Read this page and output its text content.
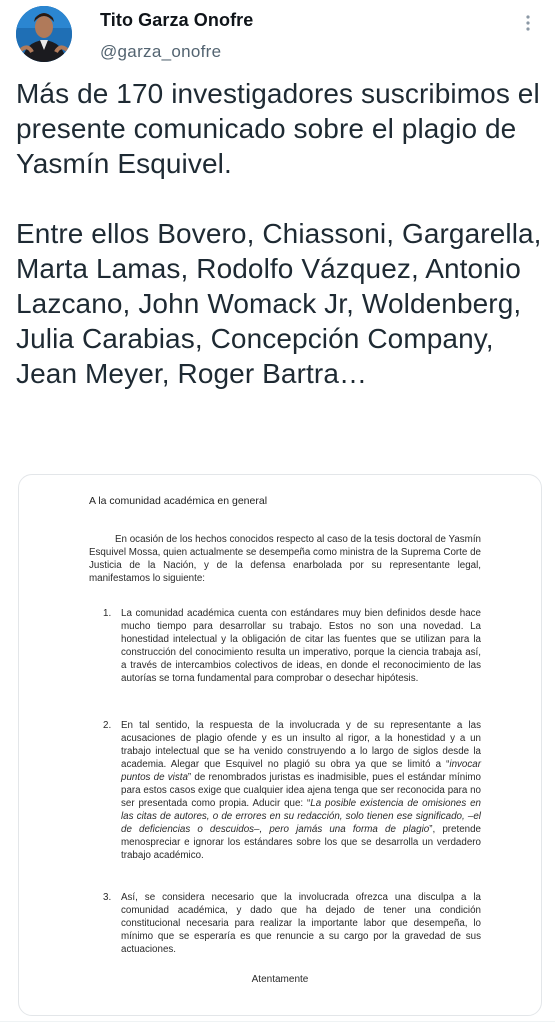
Tito Garza Onofre
@garza_onofre

Más de 170 investigadores suscribimos el presente comunicado sobre el plagio de Yasmín Esquivel.

Entre ellos Bovero, Chiassoni, Gargarella, Marta Lamas, Rodolfo Vázquez, Antonio Lazcano, John Womack Jr, Woldenberg, Julia Carabias, Concepción Company, Jean Meyer, Roger Bartra…

A la comunidad académica en general
En ocasión de los hechos conocidos respecto al caso de la tesis doctoral de Yasmín Esquivel Mossa, quien actualmente se desempeña como ministra de la Suprema Corte de Justicia de la Nación, y de la defensa enarbolada por su representante legal, manifestamos lo siguiente:
1.	La comunidad académica cuenta con estándares muy bien definidos desde hace mucho tiempo para desarrollar su trabajo. Estos no son una novedad. La honestidad intelectual y la obligación de citar las fuentes que se utilizan para la construcción del conocimiento resulta un imperativo, porque la ciencia trabaja así, a través de intercambios colectivos de ideas, en donde el reconocimiento de las autorías se torna fundamental para comprobar o desechar hipótesis.
2.	En tal sentido, la respuesta de la involucrada y de su representante a las acusaciones de plagio ofende y es un insulto al rigor, a la honestidad y a un trabajo intelectual que se ha venido construyendo a lo largo de siglos desde la academia. Alegar que Esquivel no plagió su obra ya que se limitó a “invocar puntos de vista” de renombrados juristas es inadmisible, pues el estándar mínimo para estos casos exige que cualquier idea ajena tenga que ser reconocida para no ser presentada como propia. Aducir que: “La posible existencia de omisiones en las citas de autores, o de errores en su redacción, solo tienen ese significado, –el de deficiencias o descuidos–, pero jamás una forma de plagio”, pretende menospreciar e ignorar los estándares sobre los que se desarrolla un verdadero trabajo académico.
3.	Así, se considera necesario que la involucrada ofrezca una disculpa a la comunidad académica, y dado que ha dejado de tener una condición constitucional necesaria para realizar la importante labor que desempeña, lo mínimo que se esperaría es que renuncie a su cargo por la gravedad de sus actuaciones.
Atentamente
